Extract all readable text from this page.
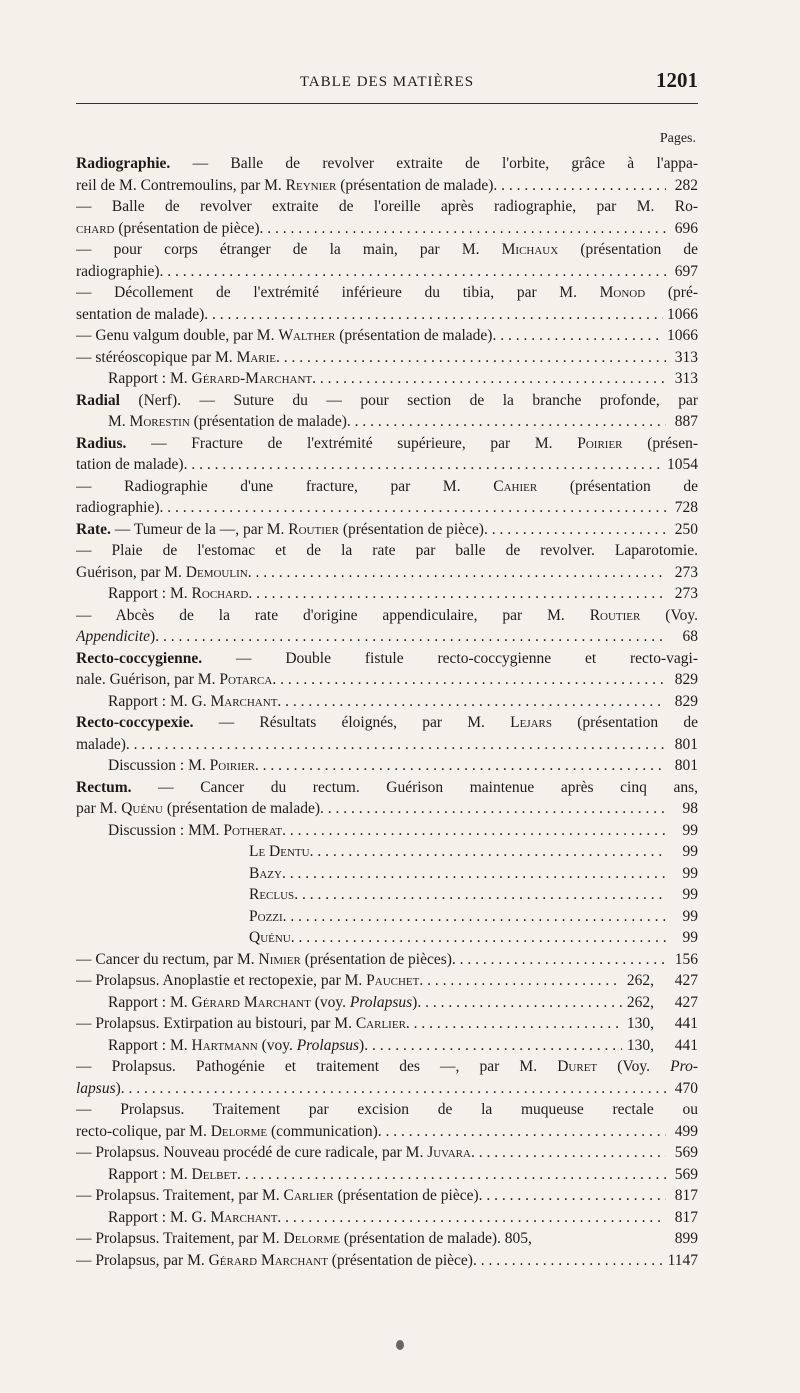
TABLE DES MATIÈRES	1201
Pages.
Radiographie. — Balle de revolver extraite de l'orbite, grâce à l'appa-
reil de M. Contremoulins, par M. Reynier (présentation de malade) . . .	282
— Balle de revolver extraite de l'oreille après radiographie, par M. Ro-
chard (présentation de pièce) . . .	696
— pour corps étranger de la main, par M. Michaux (présentation de
radiographie) . . .	697
— Décollement de l'extrémité inférieure du tibia, par M. Monod (pré-
sentation de malade) . . .	1066
— Genu valgum double, par M. Walther (présentation de malade) . . .	1066
— stéréoscopique par M. Marie . . .	313
Rapport : M. Gérard-Marchant . . .	313
Radial (Nerf). — Suture du — pour section de la branche profonde, par
M. Morestin (présentation de malade) . . .	887
Radius. — Fracture de l'extrémité supérieure, par M. Poirier (présen-
tation de malade) . . .	1054
— Radiographie d'une fracture, par M. Cahier (présentation de
radiographie) . . .	728
Rate. — Tumeur de la —, par M. Routier (présentation de pièce) . . .	250
— Plaie de l'estomac et de la rate par balle de revolver. Laparotomie.
Guérison, par M. Demoulin . . .	273
Rapport : M. Rochard . . .	273
— Abcès de la rate d'origine appendiculaire, par M. Routier (Voy.
Appendicite) . . .	68
Recto-coccygienne. — Double fistule recto-coccygienne et recto-vagi-
nale. Guérison, par M. Potarca . . .	829
Rapport : M. G. Marchant . . .	829
Recto-coccypexie. — Résultats éloignés, par M. Lejars (présentation de
malade) . . .	801
Discussion : M. Poirier . . .	801
Rectum. — Cancer du rectum. Guérison maintenue après cinq ans,
par M. Quénu (présentation de malade) . . .	98
Discussion : MM. Potherat . . .	99
Le Dentu . . .	99
Bazy . . .	99
Reclus . . .	99
Pozzi . . .	99
Quénu . . .	99
— Cancer du rectum, par M. Nimier (présentation de pièces) . . .	156
— Prolapsus. Anoplastie et rectopexie, par M. Pauchet . . .	262,	427
Rapport : M. Gérard Marchant (voy. Prolapsus) . . .	262,	427
— Prolapsus. Extirpation au bistouri, par M. Carlier . . .	130,	441
Rapport : M. Hartmann (voy. Prolapsus) . . .	130,	441
— Prolapsus. Pathogénie et traitement des —, par M. Duret (Voy. Pro-
lapsus) . . .	470
— Prolapsus. Traitement par excision de la muqueuse rectale ou
recto-colique, par M. Delorme (communication) . . .	499
— Prolapsus. Nouveau procédé de cure radicale, par M. Juvara . . .	569
Rapport : M. Delbet . . .	569
— Prolapsus. Traitement, par M. Carlier (présentation de pièce) . . .	817
Rapport : M. G. Marchant . . .	817
— Prolapsus. Traitement, par M. Delorme (présentation de malade). 805,	899
— Prolapsus, par M. Gérard Marchant (présentation de pièce) . . .	1147
